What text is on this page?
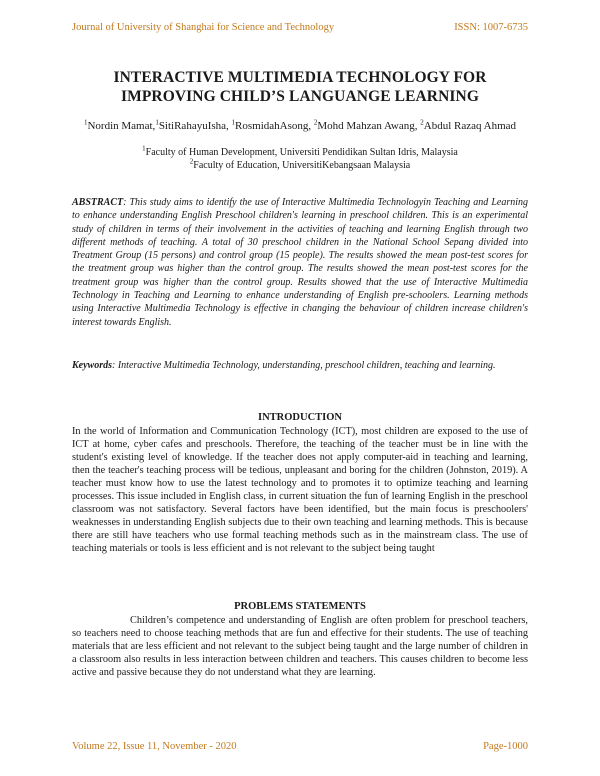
Journal of University of Shanghai for Science and Technology	ISSN: 1007-6735
INTERACTIVE MULTIMEDIA TECHNOLOGY FOR
IMPROVING CHILD’S LANGUANGE LEARNING
$^1$Nordin Mamat,$^1$SitiRahayuIsha, $^1$RosmidahAsong, $^2$Mohd Mahzan Awang, $^2$Abdul Razaq Ahmad
$^1$Faculty of Human Development, Universiti Pendidikan Sultan Idris, Malaysia
$^2$Faculty of Education, UniversitiKebangsaan Malaysia
ABSTRACT: This study aims to identify the use of Interactive Multimedia Technologyin Teaching and Learning to enhance understanding English Preschool children's learning in preschool children. This is an experimental study of children in terms of their involvement in the activities of teaching and learning English through two different methods of teaching. A total of 30 preschool children in the National School Sepang divided into Treatment Group (15 persons) and control group (15 people). The results showed the mean post-test scores for the treatment group was higher than the control group. The results showed the mean post-test scores for the treatment group was higher than the control group. Results showed that the use of Interactive Multimedia Technology in Teaching and Learning to enhance understanding of English pre-schoolers. Learning methods using Interactive Multimedia Technology is effective in changing the behaviour of children increase children's interest towards English.
Keywords: Interactive Multimedia Technology, understanding, preschool children, teaching and learning.
INTRODUCTION
In the world of Information and Communication Technology (ICT), most children are exposed to the use of ICT at home, cyber cafes and preschools. Therefore, the teaching of the teacher must be in line with the student's existing level of knowledge. If the teacher does not apply computer-aid in teaching and learning, then the teacher's teaching process will be tedious, unpleasant and boring for the children (Johnston, 2019). A teacher must know how to use the latest technology and to promotes it to optimize teaching and learning processes. This issue included in English class, in current situation the fun of learning English in the preschool classroom was not satisfactory. Several factors have been identified, but the main focus is preschoolers' weaknesses in understanding English subjects due to their own teaching and learning methods. This is because there are still have teachers who use formal teaching methods such as in the mainstream class. The use of teaching materials or tools is less efficient and is not relevant to the subject being taught
PROBLEMS STATEMENTS
Children’s competence and understanding of English are often problem for preschool teachers, so teachers need to choose teaching methods that are fun and effective for their students. The use of teaching materials that are less efficient and not relevant to the subject being taught and the large number of children in a classroom also results in less interaction between children and teachers. This causes children to become less active and passive because they do not understand what they are learning.
Volume 22, Issue 11, November - 2020	Page-1000
